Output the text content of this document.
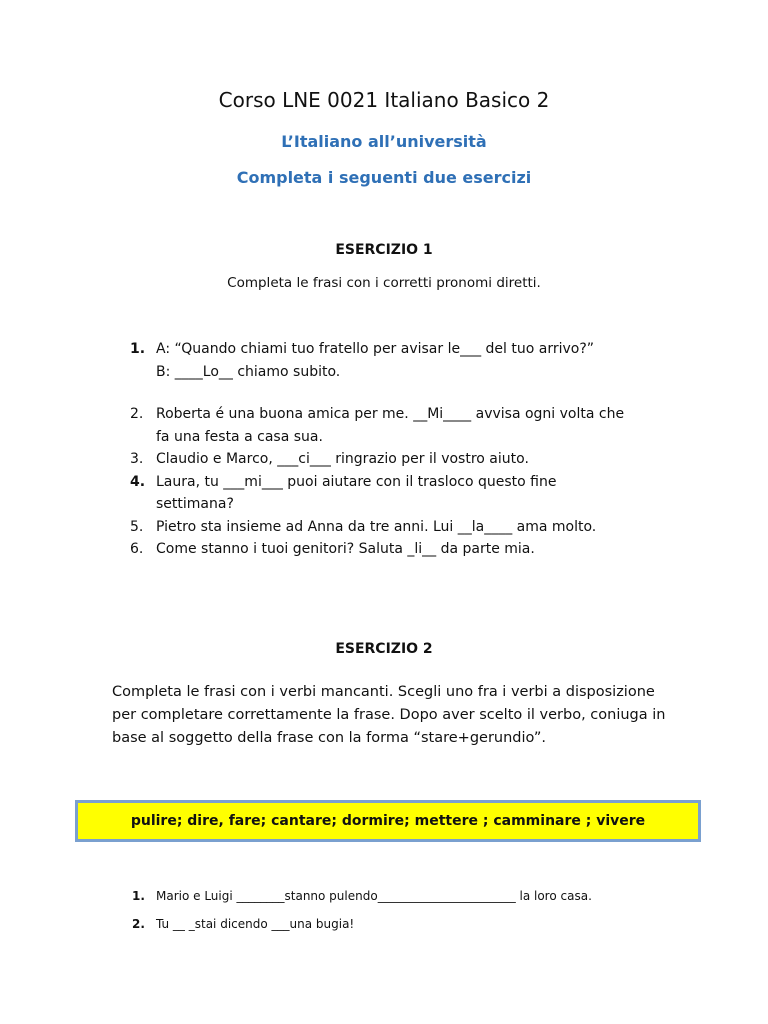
Corso LNE 0021 Italiano Basico 2
L’Italiano all’università
Completa i seguenti due esercizi
ESERCIZIO 1
Completa le frasi con i corretti pronomi diretti.
1. A: “Quando chiami tuo fratello per avisar le___ del tuo arrivo?”
B: ____Lo__ chiamo subito.
2. Roberta é una buona amica per me. __Mi____ avvisa ogni volta che
fa una festa a casa sua.
3. Claudio e Marco, ___ci___ ringrazio per il vostro aiuto.
4. Laura, tu ___mi___ puoi aiutare con il trasloco questo fine
settimana?
5. Pietro sta insieme ad Anna da tre anni. Lui __la____ ama molto.
6. Come stanno i tuoi genitori? Saluta _li__ da parte mia.
ESERCIZIO 2
Completa le frasi con i verbi mancanti. Scegli uno fra i verbi a disposizione
per completare correttamente la frase. Dopo aver scelto il verbo, coniuga in
base al soggetto della frase con la forma “stare+gerundio”.
pulire; dire, fare; cantare; dormire; mettere ; camminare ; vivere
1. Mario e Luigi ________stanno pulendo_______________________ la loro casa.
2. Tu __ _stai dicendo ___una bugia!
